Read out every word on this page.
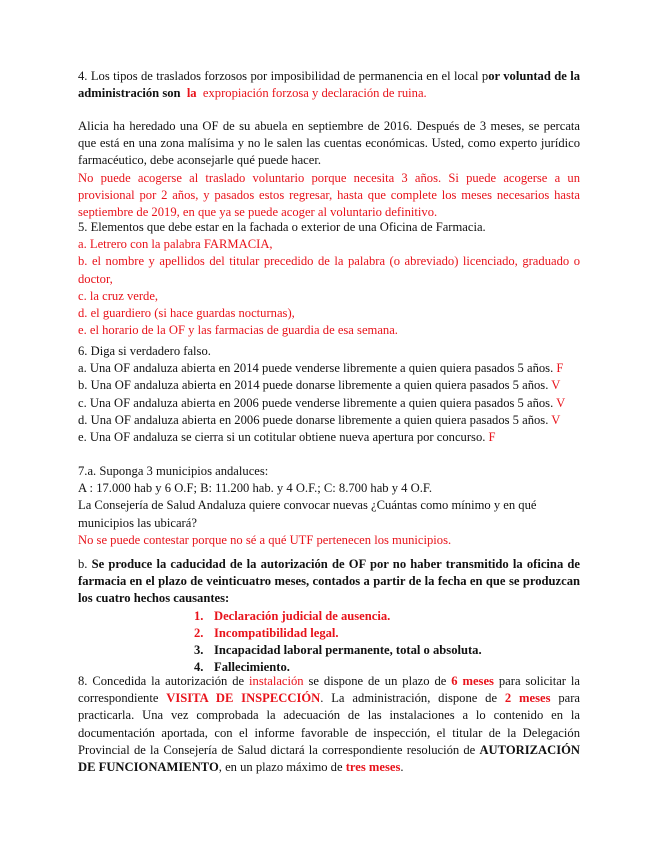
4. Los tipos de traslados forzosos por imposibilidad de permanencia en el local por voluntad de la administración son la expropiación forzosa y declaración de ruina.

Alicia ha heredado una OF de su abuela en septiembre de 2016. Después de 3 meses, se percata que está en una zona malísima y no le salen las cuentas económicas. Usted, como experto jurídico farmacéutico, debe aconsejarle qué puede hacer.

No puede acogerse al traslado voluntario porque necesita 3 años. Si puede acogerse a un provisional por 2 años, y pasados estos regresar, hasta que complete los meses necesarios hasta septiembre de 2019, en que ya se puede acoger al voluntario definitivo.

5. Elementos que debe estar en la fachada o exterior de una Oficina de Farmacia.

a. Letrero con la palabra FARMACIA,

b. el nombre y apellidos del titular precedido de la palabra (o abreviado) licenciado, graduado o doctor,

c. la cruz verde,

d. el guardiero (si hace guardas nocturnas),

e. el horario de la OF y las farmacias de guardia de esa semana.

6. Diga si verdadero falso.

a. Una OF andaluza abierta en 2014 puede venderse libremente a quien quiera pasados 5 años. F

b. Una OF andaluza abierta en 2014 puede donarse libremente a quien quiera pasados 5 años. V

c. Una OF andaluza abierta en 2006 puede venderse libremente a quien quiera pasados 5 años. V

d. Una OF andaluza abierta en 2006 puede donarse libremente a quien quiera pasados 5 años. V

e. Una OF andaluza se cierra si un cotitular obtiene nueva apertura por concurso. F

7.a. Suponga 3 municipios andaluces:

A : 17.000 hab y 6 O.F; B: 11.200 hab. y 4 O.F.; C: 8.700 hab y 4 O.F.

La Consejería de Salud Andaluza quiere convocar nuevas ¿Cuántas como mínimo y en qué municipios las ubicará?

No se puede contestar porque no sé a qué UTF pertenecen los municipios.

b. Se produce la caducidad de la autorización de OF por no haber transmitido la oficina de farmacia en el plazo de veinticuatro meses, contados a partir de la fecha en que se produzcan los cuatro hechos causantes:

1. Declaración judicial de ausencia.
2. Incompatibilidad legal.
3. Incapacidad laboral permanente, total o absoluta.
4. Fallecimiento.

8. Concedida la autorización de instalación se dispone de un plazo de 6 meses para solicitar la correspondiente VISITA DE INSPECCIÓN. La administración, dispone de 2 meses para practicarla. Una vez comprobada la adecuación de las instalaciones a lo contenido en la documentación aportada, con el informe favorable de inspección, el titular de la Delegación Provincial de la Consejería de Salud dictará la correspondiente resolución de AUTORIZACIÓN DE FUNCIONAMIENTO, en un plazo máximo de tres meses.
